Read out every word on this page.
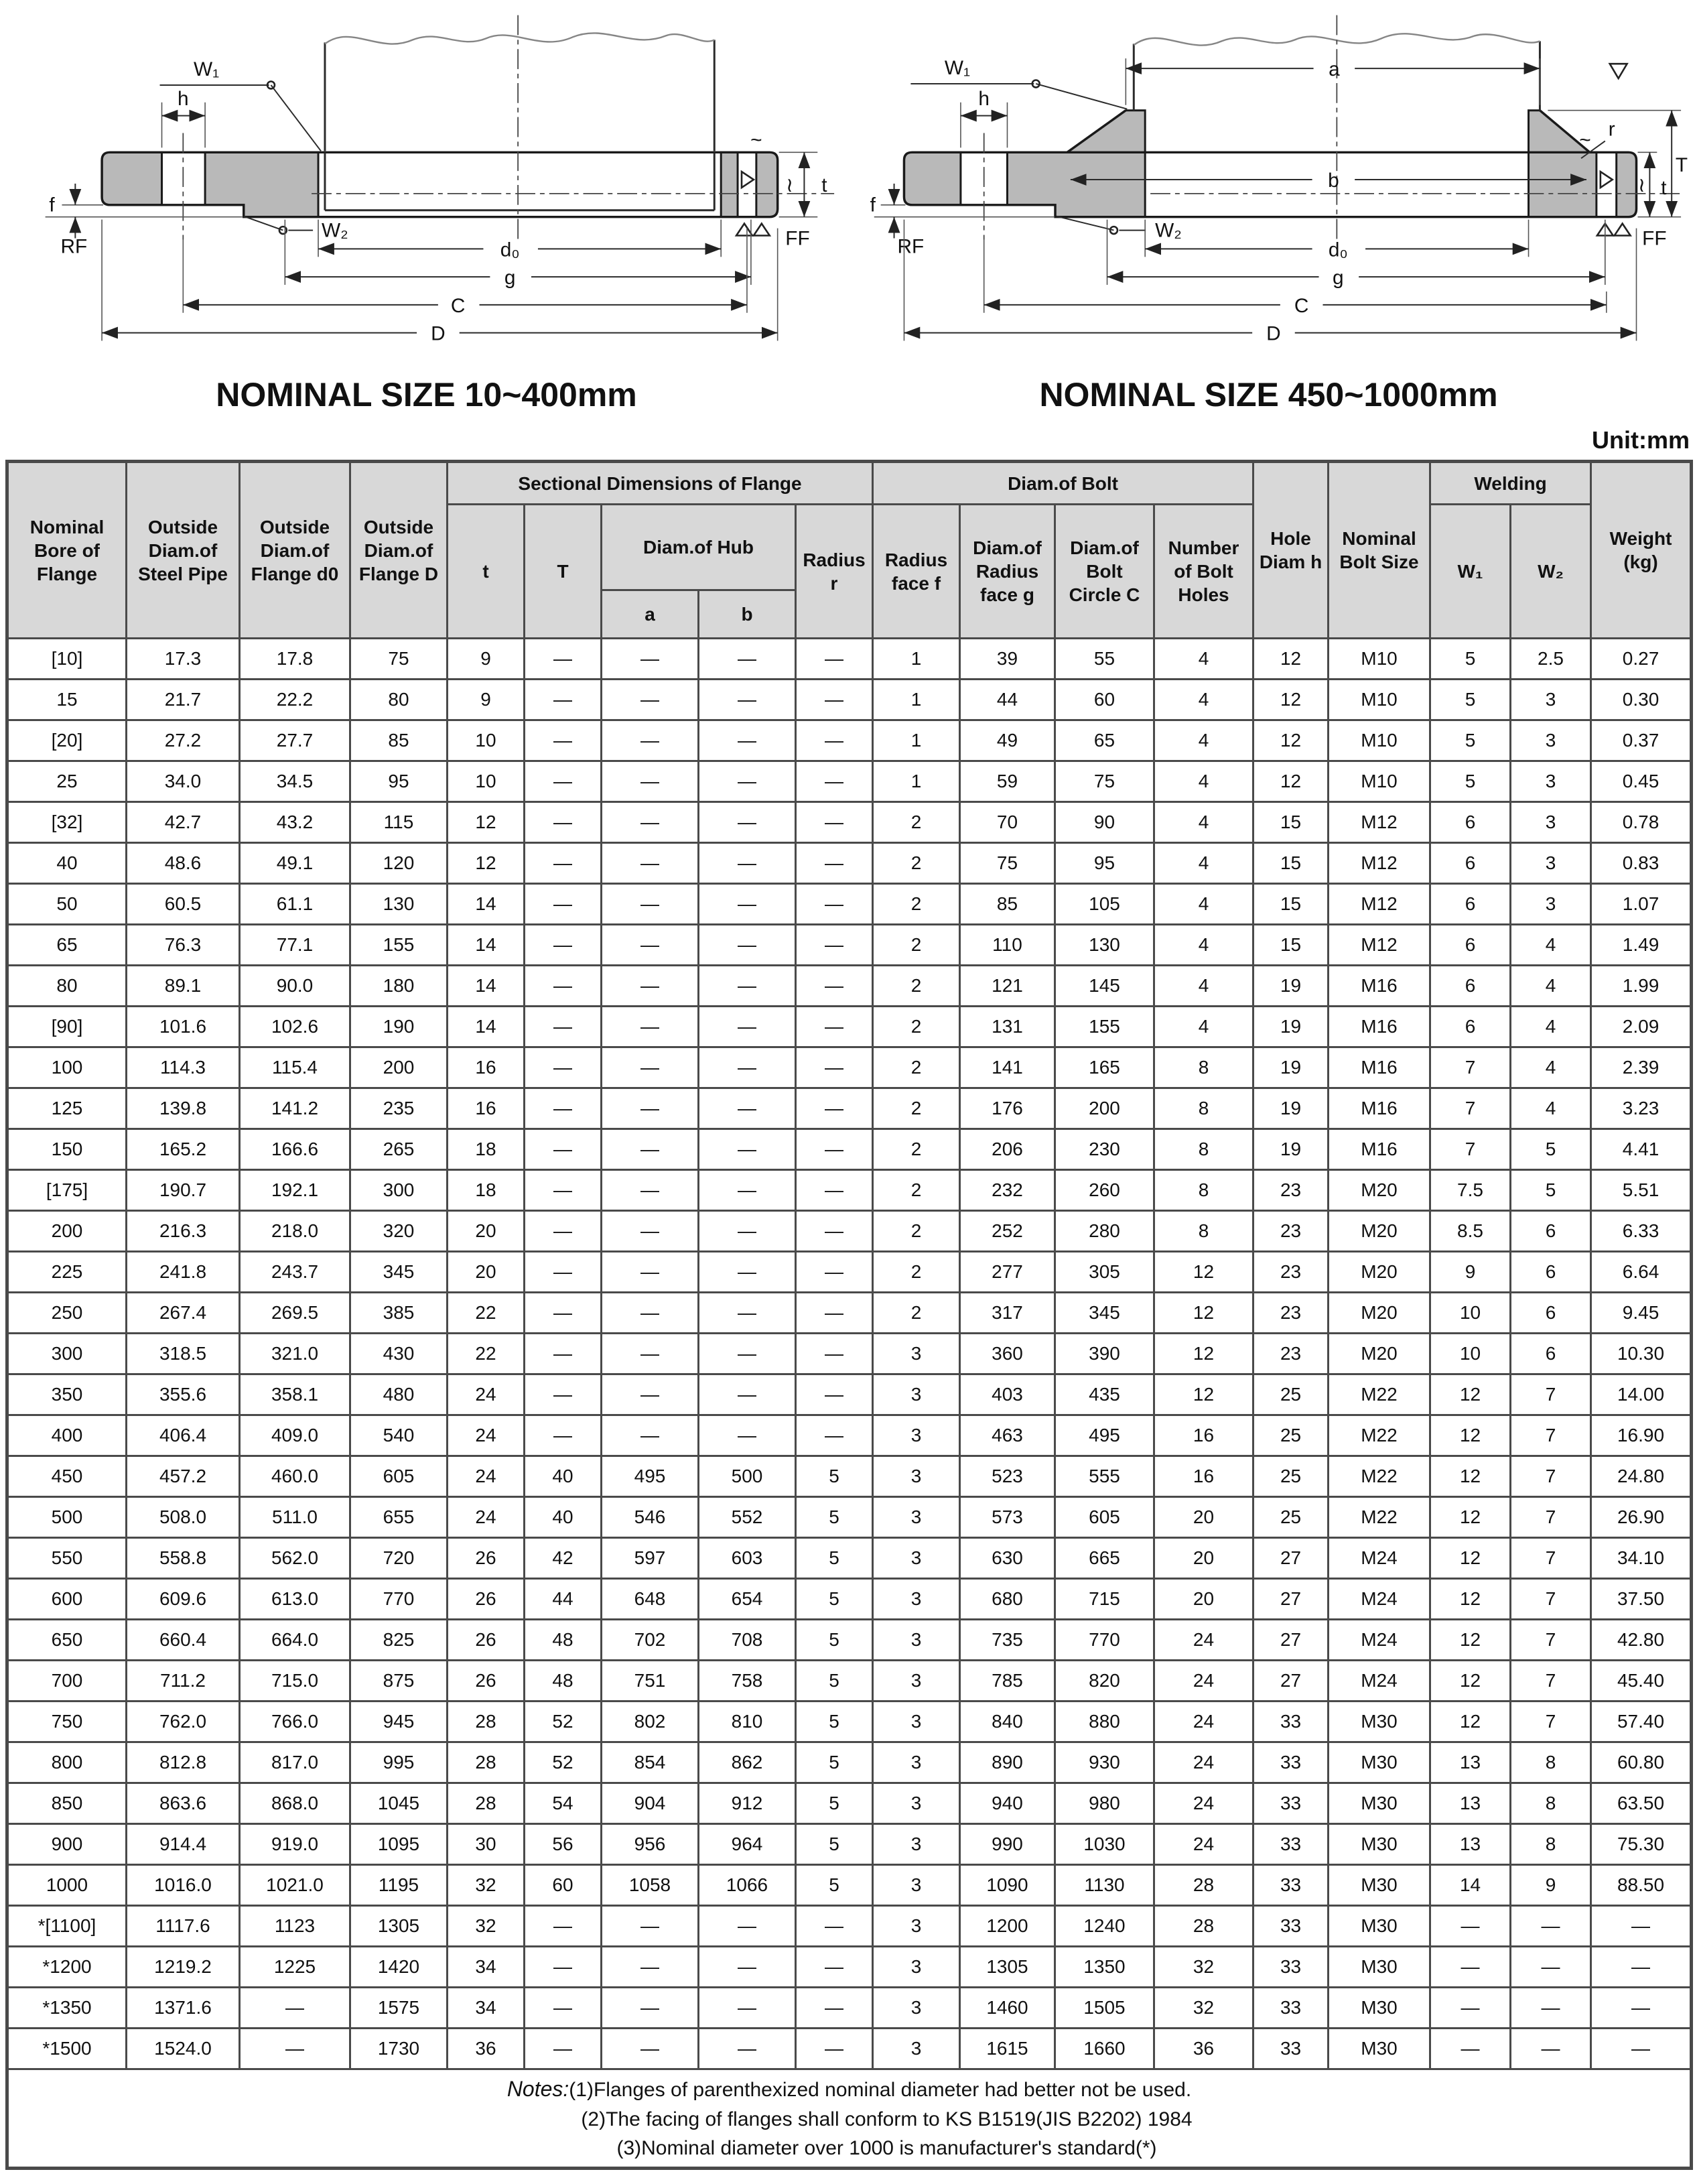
W₁
h
f
RF
W₂
~
≀ t
FF
d₀
g
C
D
W₁	a
b
h
f
RF
W₂
r
~
≀
T
t
FF
d₀
g
C
D
NOMINAL SIZE 10~400mm	NOMINAL SIZE 450~1000mm
Unit:mm
Nominal Bore of Flange	Outside Diam.of Steel Pipe	Outside Diam.of Flange d0	Outside Diam.of Flange D	Sectional Dimensions of Flange					Diam.of Bolt				Hole Diam h	Nominal Bolt Size	Welding		Weight (kg)
				t	T	Diam.of Hub		Radius r	Radius face f	Diam.of Radius face g	Diam.of Bolt Circle C	Number of Bolt Holes			W₁	W₂	
						a	b										
[10]	17.3	17.8	75	9	—	—	—	—	1	39	55	4	12	M10	5	2.5	0.27
15	21.7	22.2	80	9	—	—	—	—	1	44	60	4	12	M10	5	3	0.30
[20]	27.2	27.7	85	10	—	—	—	—	1	49	65	4	12	M10	5	3	0.37
25	34.0	34.5	95	10	—	—	—	—	1	59	75	4	12	M10	5	3	0.45
[32]	42.7	43.2	115	12	—	—	—	—	2	70	90	4	15	M12	6	3	0.78
40	48.6	49.1	120	12	—	—	—	—	2	75	95	4	15	M12	6	3	0.83
50	60.5	61.1	130	14	—	—	—	—	2	85	105	4	15	M12	6	3	1.07
65	76.3	77.1	155	14	—	—	—	—	2	110	130	4	15	M12	6	4	1.49
80	89.1	90.0	180	14	—	—	—	—	2	121	145	4	19	M16	6	4	1.99
[90]	101.6	102.6	190	14	—	—	—	—	2	131	155	4	19	M16	6	4	2.09
100	114.3	115.4	200	16	—	—	—	—	2	141	165	8	19	M16	7	4	2.39
125	139.8	141.2	235	16	—	—	—	—	2	176	200	8	19	M16	7	4	3.23
150	165.2	166.6	265	18	—	—	—	—	2	206	230	8	19	M16	7	5	4.41
[175]	190.7	192.1	300	18	—	—	—	—	2	232	260	8	23	M20	7.5	5	5.51
200	216.3	218.0	320	20	—	—	—	—	2	252	280	8	23	M20	8.5	6	6.33
225	241.8	243.7	345	20	—	—	—	—	2	277	305	12	23	M20	9	6	6.64
250	267.4	269.5	385	22	—	—	—	—	2	317	345	12	23	M20	10	6	9.45
300	318.5	321.0	430	22	—	—	—	—	3	360	390	12	23	M20	10	6	10.30
350	355.6	358.1	480	24	—	—	—	—	3	403	435	12	25	M22	12	7	14.00
400	406.4	409.0	540	24	—	—	—	—	3	463	495	16	25	M22	12	7	16.90
450	457.2	460.0	605	24	40	495	500	5	3	523	555	16	25	M22	12	7	24.80
500	508.0	511.0	655	24	40	546	552	5	3	573	605	20	25	M22	12	7	26.90
550	558.8	562.0	720	26	42	597	603	5	3	630	665	20	27	M24	12	7	34.10
600	609.6	613.0	770	26	44	648	654	5	3	680	715	20	27	M24	12	7	37.50
650	660.4	664.0	825	26	48	702	708	5	3	735	770	24	27	M24	12	7	42.80
700	711.2	715.0	875	26	48	751	758	5	3	785	820	24	27	M24	12	7	45.40
750	762.0	766.0	945	28	52	802	810	5	3	840	880	24	33	M30	12	7	57.40
800	812.8	817.0	995	28	52	854	862	5	3	890	930	24	33	M30	13	8	60.80
850	863.6	868.0	1045	28	54	904	912	5	3	940	980	24	33	M30	13	8	63.50
900	914.4	919.0	1095	30	56	956	964	5	3	990	1030	24	33	M30	13	8	75.30
1000	1016.0	1021.0	1195	32	60	1058	1066	5	3	1090	1130	28	33	M30	14	9	88.50
*[1100]	1117.6	1123	1305	32	—	—	—	—	3	1200	1240	28	33	M30	—	—	—
*1200	1219.2	1225	1420	34	—	—	—	—	3	1305	1350	32	33	M30	—	—	—
*1350	1371.6	—	1575	34	—	—	—	—	3	1460	1505	32	33	M30	—	—	—
*1500	1524.0	—	1730	36	—	—	—	—	3	1615	1660	36	33	M30	—	—	—

Notes:(1)Flanges of parenthexized nominal diameter had better not be used.
(2)The facing of flanges shall conform to KS B1519(JIS B2202) 1984
(3)Nominal diameter over 1000 is manufacturer's standard(*)																	
